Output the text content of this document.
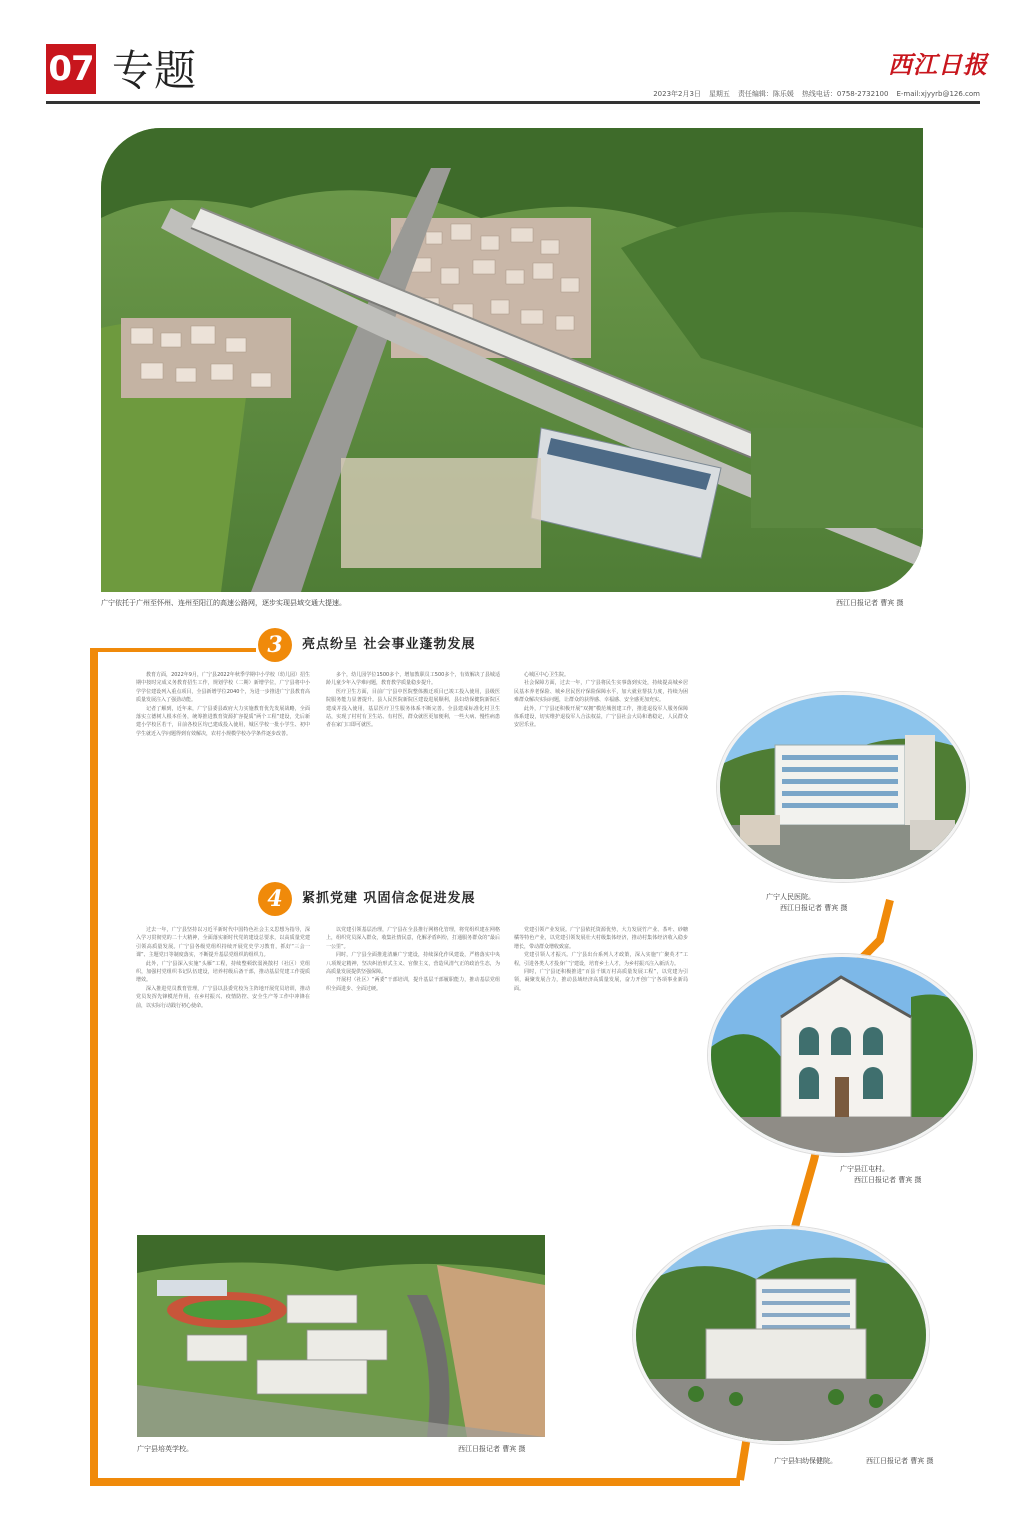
07 专题	西江日报
2023年2月3日 星期五 责任编辑：陈乐媛 热线电话：0758-2732100 E-mail:xjyyrb@126.com
广宁依托于广州至怀州、连州至阳江的高速公路网，逐步实现县域交通大提速。	西江日报记者 曹宾 摄
3	亮点纷呈 社会事业蓬勃发展

教育方面，2022年9月，广宁县2022年秋季学期中小学校（幼儿园）招生期中按时完成义务教育招生工作，规划学校（二期）新增学位，广宁县将中小学学位建设列入重点项目，全县新增学位2040个，为进一步推进广宁县教育高质量发展注入了强劲动能。

记者了解到，近年来，广宁县委县政府大力实施教育优先发展战略，全面落实立德树人根本任务，统筹推进教育资源扩容提质“两个工程”建设，先后新建小学校区若干，目前各校区均已建成投入使用，城区学校一批小学生、初中学生就近入学问题得到有效解决，农村小规模学校办学条件逐步改善。

多个，幼儿园学位1500多个，增加教职员工500多个，有效解决了县城适龄儿童少年入学难问题，教育教学质量稳步提升。

医疗卫生方面，目前广宁县中医院整体搬迁项目已竣工投入使用，县级医院服务能力显著提升。县人民医院新院区建设进展顺利，县妇幼保健院新院区建成并投入使用，基层医疗卫生服务体系不断完善。全县建成标准化村卫生站，实现了村村有卫生站、有村医，群众就医更加便利，一些大病、慢性病患者在家门口即可就医。

心城区中心卫生院。

社会保障方面，过去一年，广宁县将民生实事落到实处，持续提高城乡居民基本养老保险、城乡居民医疗保险保障水平，加大就业帮扶力度，持续为困难群众解决实际问题，让群众的获得感、幸福感、安全感更加充实。

此外，广宁县还积极开展“双拥”模范城创建工作，推进退役军人服务保障体系建设，切实维护退役军人合法权益，广宁县社会大局和谐稳定，人民群众安居乐业。

4	紧抓党建 巩固信念促进发展

过去一年，广宁县坚持以习近平新时代中国特色社会主义思想为指导，深入学习贯彻党的二十大精神，全面落实新时代党的建设总要求，以高质量党建引领高质量发展。广宁县各级党组织持续开展党史学习教育，抓好“三会一课”、主题党日等制度落实，不断提升基层党组织的组织力。

此外，广宁县深入实施“头雁”工程，持续整顿软弱涣散村（社区）党组织，加强村党组织书记队伍建设，培养村级后备干部，推动基层党建工作提质增效。

深入推进党员教育管理，广宁县以县委党校为主阵地开展党员培训，推动党员发挥先锋模范作用，在乡村振兴、疫情防控、安全生产等工作中冲锋在前，以实际行动践行初心使命。

以党建引领基层治理，广宁县在全县推行网格化管理，将党组织建在网格上，组织党员深入群众，收集社情民意，化解矛盾纠纷，打通服务群众的“最后一公里”。

同时，广宁县全面推进清廉广宁建设，持续深化作风建设，严格落实中央八项规定精神，坚决纠治形式主义、官僚主义，营造风清气正的政治生态，为高质量发展提供坚强保障。

开展村（社区）“两委”干部培训，提升基层干部履职能力，推动基层党组织全面进步、全面过硬。

党建引领产业发展。广宁县依托资源优势，大力发展竹产业、茶叶、砂糖橘等特色产业，以党建引领发展壮大村级集体经济，推动村集体经济收入稳步增长，带动群众增收致富。

党建引领人才振兴。广宁县出台系列人才政策，深入实施“广聚英才”工程，引进各类人才投身广宁建设，培育乡土人才，为乡村振兴注入新活力。

同时，广宁县还积极推进“百县千镇万村高质量发展工程”，以党建为引领，凝聚发展合力，推动县域经济高质量发展，奋力开创广宁各项事业新局面。

广宁人民医院。
西江日报记者 曹宾 摄
广宁县江屯村。
西江日报记者 曹宾 摄
广宁县培英学校。	西江日报记者 曹宾 摄
广宁县妇幼保健院。	西江日报记者 曹宾 摄
